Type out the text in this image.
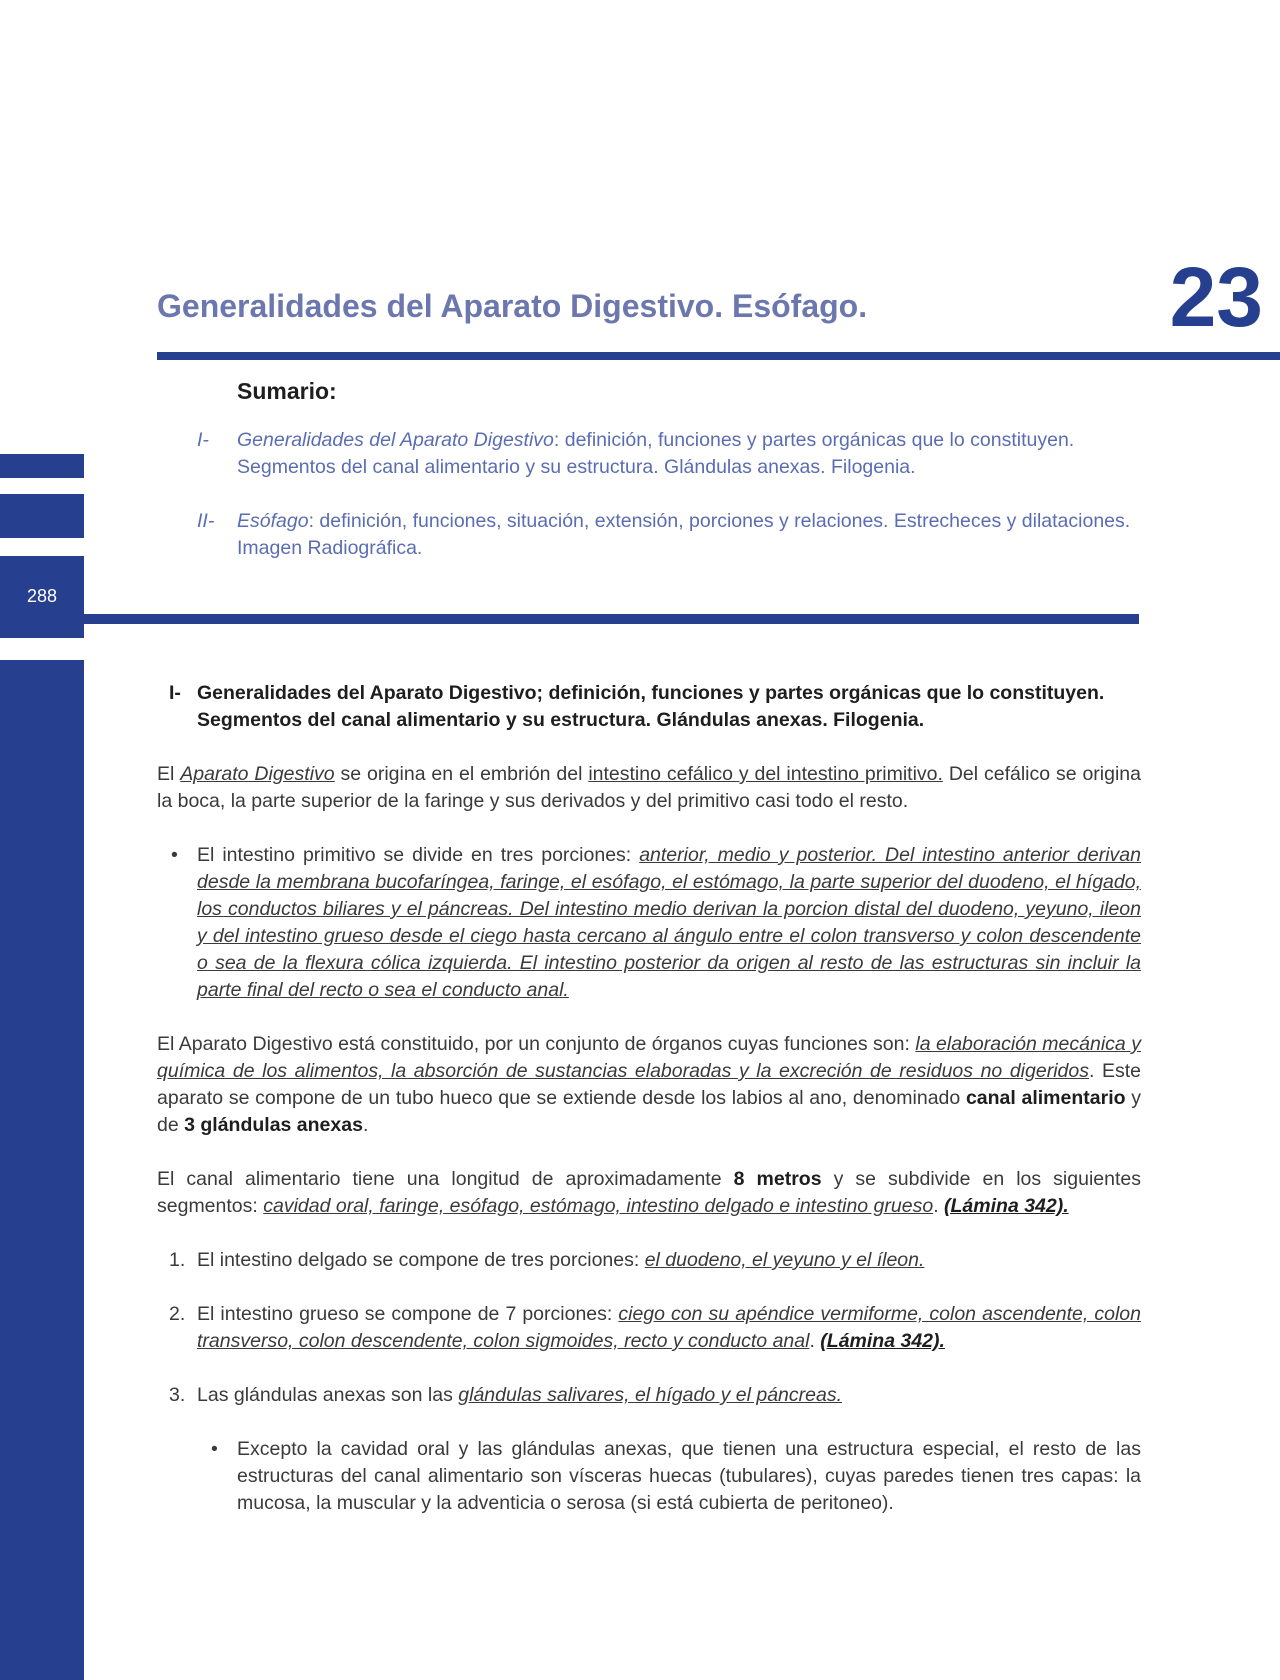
288
Generalidades del Aparato Digestivo. Esófago.	23
Sumario:
I-	Generalidades del Aparato Digestivo: definición, funciones y partes orgánicas que lo constituyen. Segmentos del canal alimentario y su estructura. Glándulas anexas. Filogenia.
II-	Esófago: definición, funciones, situación, extensión, porciones y relaciones. Estrecheces y dilataciones. Imagen Radiográfica.
I- Generalidades del Aparato Digestivo; definición, funciones y partes orgánicas que lo constituyen. Segmentos del canal alimentario y su estructura. Glándulas anexas. Filogenia.

El Aparato Digestivo se origina en el embrión del intestino cefálico y del intestino primitivo. Del cefálico se origina la boca, la parte superior de la faringe y sus derivados y del primitivo casi todo el resto.

• El intestino primitivo se divide en tres porciones: anterior, medio y posterior. Del intestino anterior derivan desde la membrana bucofaríngea, faringe, el esófago, el estómago, la parte superior del duodeno, el hígado, los conductos biliares y el páncreas. Del intestino medio derivan la porcion distal del duodeno, yeyuno, ileon y del intestino grueso desde el ciego hasta cercano al ángulo entre el colon transverso y colon descendente o sea de la flexura cólica izquierda. El intestino posterior da origen al resto de las estructuras sin incluir la parte final del recto o sea el conducto anal.

El Aparato Digestivo está constituido, por un conjunto de órganos cuyas funciones son: la elaboración mecánica y química de los alimentos, la absorción de sustancias elaboradas y la excreción de residuos no digeridos. Este aparato se compone de un tubo hueco que se extiende desde los labios al ano, denominado canal alimentario y de 3 glándulas anexas.

El canal alimentario tiene una longitud de aproximadamente 8 metros y se subdivide en los siguientes segmentos: cavidad oral, faringe, esófago, estómago, intestino delgado e intestino grueso. (Lámina 342).

1. El intestino delgado se compone de tres porciones: el duodeno, el yeyuno y el íleon.
2. El intestino grueso se compone de 7 porciones: ciego con su apéndice vermiforme, colon ascendente, colon transverso, colon descendente, colon sigmoides, recto y conducto anal. (Lámina 342).
3. Las glándulas anexas son las glándulas salivares, el hígado y el páncreas.
• Excepto la cavidad oral y las glándulas anexas, que tienen una estructura especial, el resto de las estructuras del canal alimentario son vísceras huecas (tubulares), cuyas paredes tienen tres capas: la mucosa, la muscular y la adventicia o serosa (si está cubierta de peritoneo).
